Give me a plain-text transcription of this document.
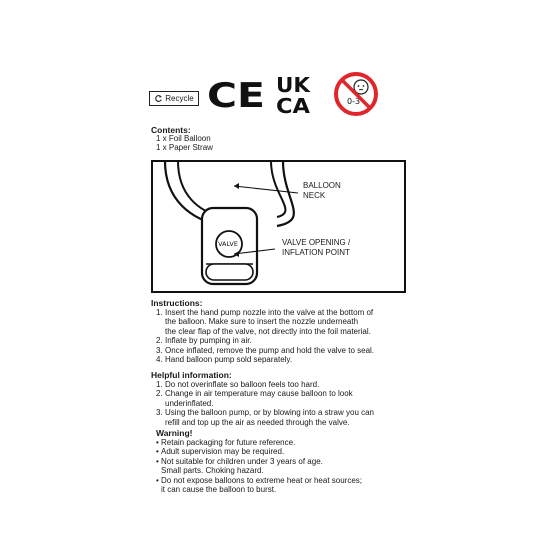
Recycle CE UK
CA	0-3
Contents:
1 x Foil Balloon
1 x Paper Straw
VALVE
BALLOON
NECK
VALVE OPENING /
INFLATION POINT
Instructions:
1. Insert the hand pump nozzle into the valve at the bottom of
the balloon. Make sure to insert the nozzle underneath
the clear flap of the valve, not directly into the foil material.
2. Inflate by pumping in air.
3. Once inflated, remove the pump and hold the valve to seal.
4. Hand balloon pump sold separately.
Helpful information:
1. Do not overinflate so balloon feels too hard.
2. Change in air temperature may cause balloon to look
underinflated.
3. Using the balloon pump, or by blowing into a straw you can
refill and top up the air as needed through the valve.
Warning!
• Retain packaging for future reference.
• Adult supervision may be required.
• Not suitable for children under 3 years of age.
Small parts. Choking hazard.
• Do not expose balloons to extreme heat or heat sources;
it can cause the balloon to burst.
